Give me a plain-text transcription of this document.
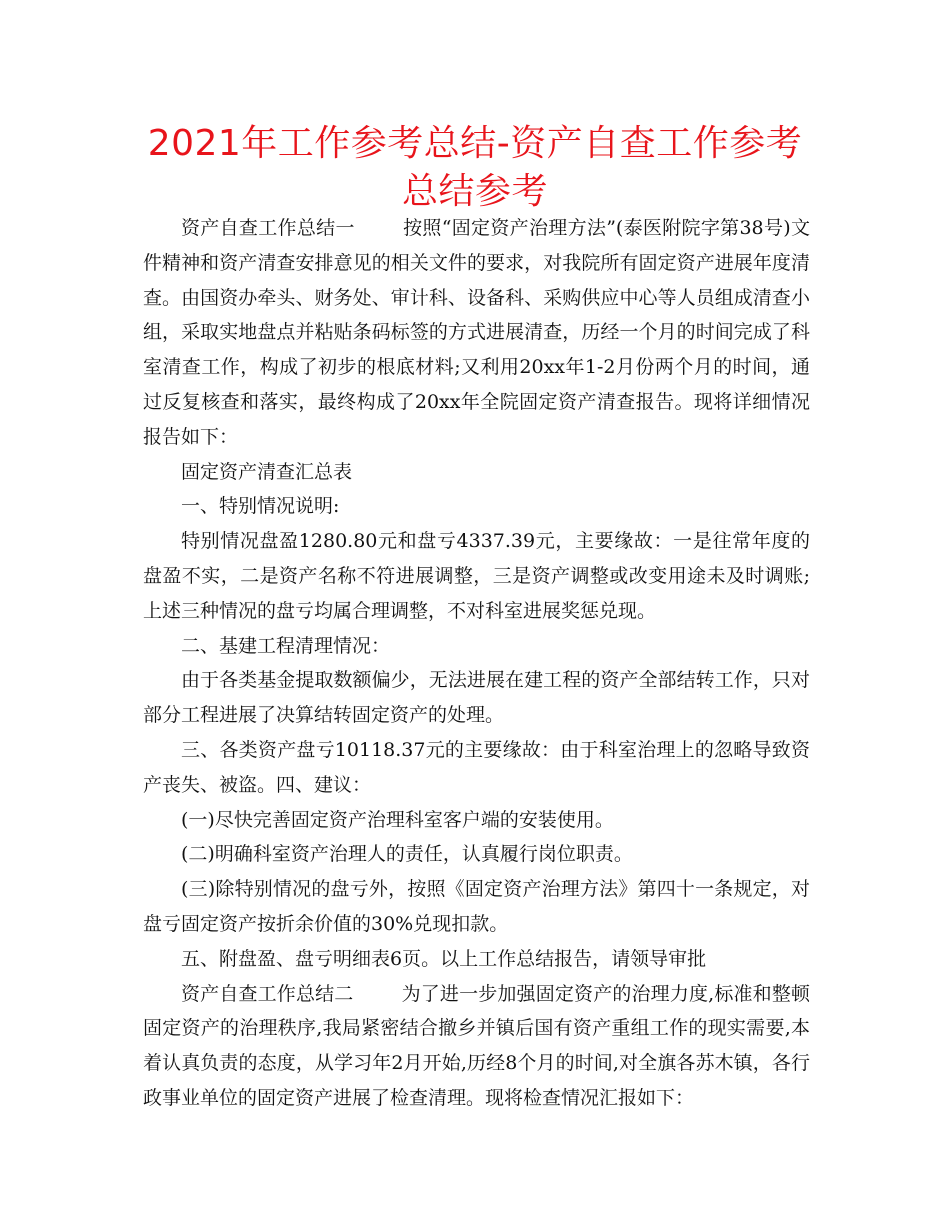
2021年工作参考总结-资产自查工作参考总结参考

资产自查工作总结一	按照“固定资产治理方法”(泰医附院字第38号)文件精神和资产清查安排意见的相关文件的要求，对我院所有固定资产进展年度清查。由国资办牵头、财务处、审计科、设备科、采购供应中心等人员组成清查小组，采取实地盘点并粘贴条码标签的方式进展清查，历经一个月的时间完成了科室清查工作，构成了初步的根底材料;又利用20xx年1-2月份两个月的时间，通过反复核查和落实，最终构成了20xx年全院固定资产清查报告。现将详细情况报告如下：

固定资产清查汇总表

一、特别情况说明:

特别情况盘盈1280.80元和盘亏4337.39元，主要缘故：一是往常年度的盘盈不实，二是资产名称不符进展调整，三是资产调整或改变用途未及时调账;上述三种情况的盘亏均属合理调整，不对科室进展奖惩兑现。

二、基建工程清理情况：

由于各类基金提取数额偏少，无法进展在建工程的资产全部结转工作，只对部分工程进展了决算结转固定资产的处理。

三、各类资产盘亏10118.37元的主要缘故：由于科室治理上的忽略导致资产丧失、被盗。四、建议：

(一)尽快完善固定资产治理科室客户端的安装使用。

(二)明确科室资产治理人的责任，认真履行岗位职责。

(三)除特别情况的盘亏外，按照《固定资产治理方法》第四十一条规定，对盘亏固定资产按折余价值的30%兑现扣款。

五、附盘盈、盘亏明细表6页。以上工作总结报告，请领导审批

资产自查工作总结二	为了进一步加强固定资产的治理力度,标准和整顿固定资产的治理秩序,我局紧密结合撤乡并镇后国有资产重组工作的现实需要,本着认真负责的态度，从学习年2月开始,历经8个月的时间,对全旗各苏木镇，各行政事业单位的固定资产进展了检查清理。现将检查情况汇报如下：
